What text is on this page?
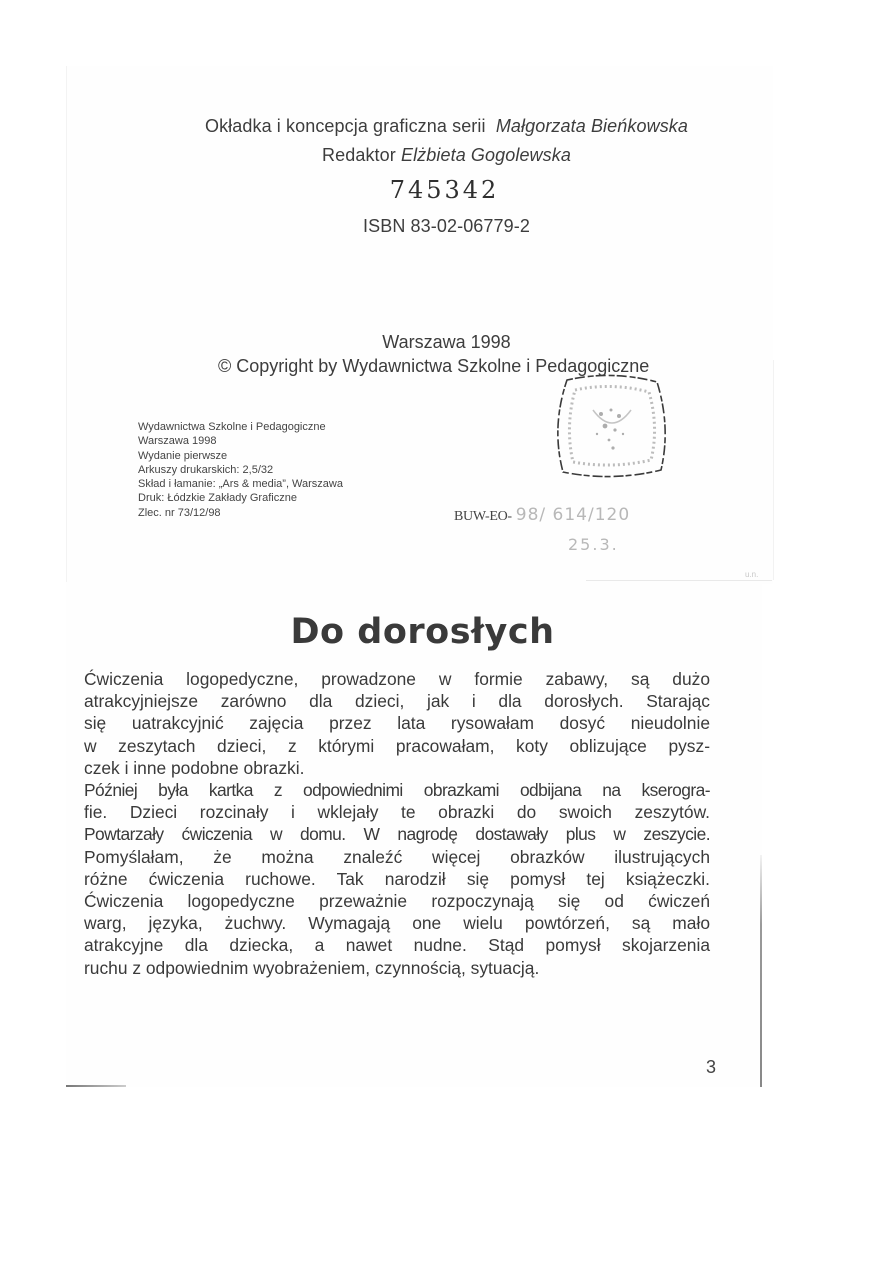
Okładka i koncepcja graficzna serii Małgorzata Bieńkowska
Redaktor Elżbieta Gogolewska
745342
ISBN 83-02-06779-2
Warszawa 1998
© Copyright by Wydawnictwa Szkolne i Pedagogiczne
Wydawnictwa Szkolne i Pedagogiczne
Warszawa 1998
Wydanie pierwsze
Arkuszy drukarskich: 2,5/32
Skład i łamanie: „Ars & media”, Warszawa
Druk: Łódzkie Zakłady Graficzne
Zlec. nr 73/12/98	BUW-EO- 98/ 614/120
25.3.
u.n.
Do dorosłych
Ćwiczenia logopedyczne, prowadzone w formie zabawy, są dużo
atrakcyjniejsze zarówno dla dzieci, jak i dla dorosłych. Starając
się uatrakcyjnić zajęcia przez lata rysowałam dosyć nieudolnie
w zeszytach dzieci, z którymi pracowałam, koty oblizujące pysz-
czek i inne podobne obrazki.
Później była kartka z odpowiednimi obrazkami odbijana na kserogra-
fie. Dzieci rozcinały i wklejały te obrazki do swoich zeszytów.
Powtarzały ćwiczenia w domu. W nagrodę dostawały plus w zeszycie.
Pomyślałam, że można znaleźć więcej obrazków ilustrujących
różne ćwiczenia ruchowe. Tak narodził się pomysł tej książeczki.
Ćwiczenia logopedyczne przeważnie rozpoczynają się od ćwiczeń
warg, języka, żuchwy. Wymagają one wielu powtórzeń, są mało
atrakcyjne dla dziecka, a nawet nudne. Stąd pomysł skojarzenia
ruchu z odpowiednim wyobrażeniem, czynnością, sytuacją.
3
